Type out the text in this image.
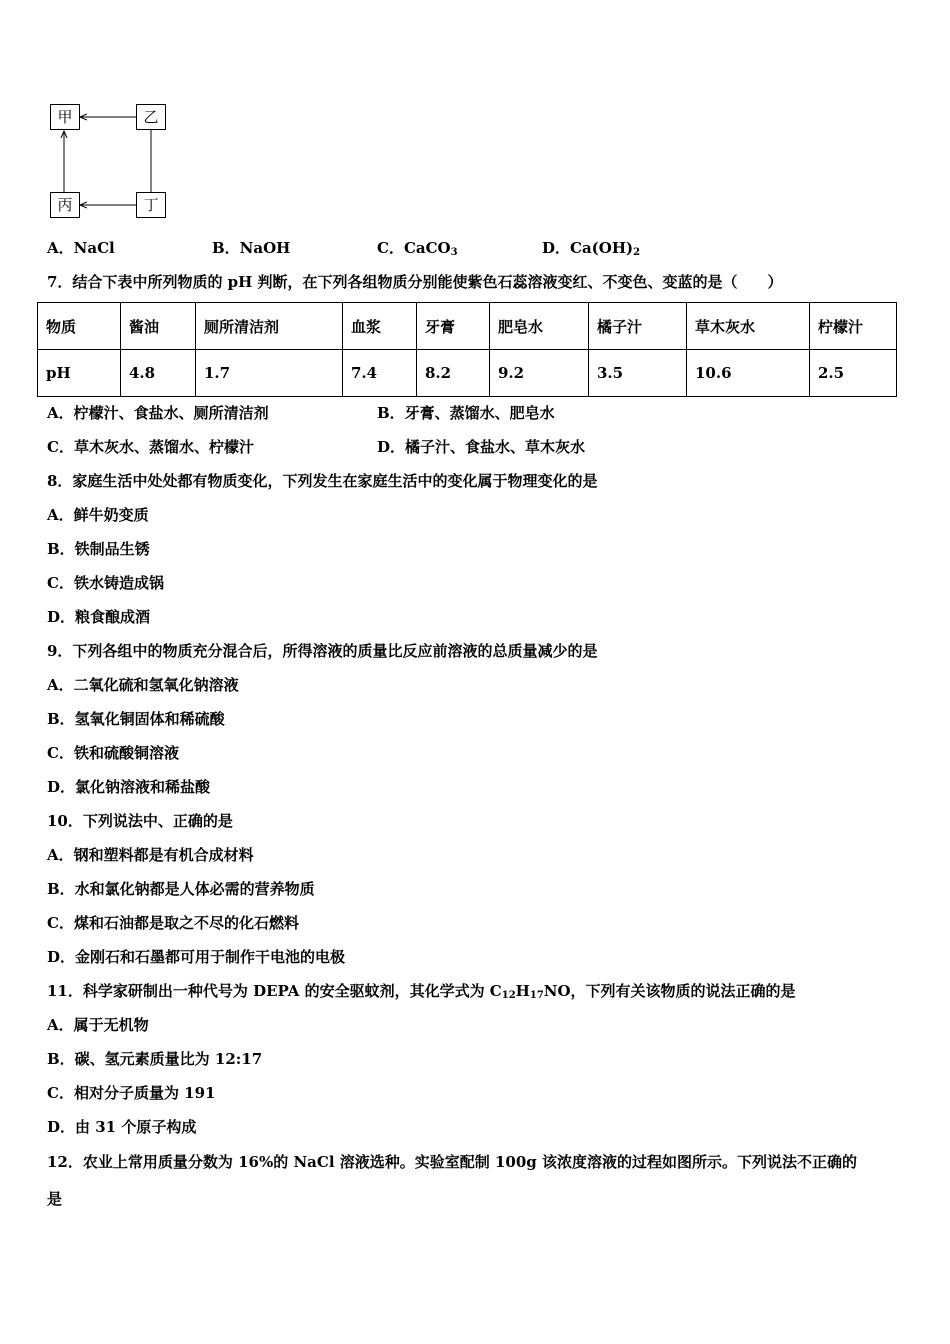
甲	乙
丙	丁
A．NaCl	B．NaOH	C．CaCO$_3$	D．$Ca(OH)_2$
7．结合下表中所列物质的 pH 判断，在下列各组物质分别能使紫色石蕊溶液变红、不变色、变蓝的是（　　）
物质	酱油	厕所清洁剂	血浆	牙膏	肥皂水	橘子汁	草木灰水	柠檬汁
pH	4.8	1.7	7.4	8.2	9.2	3.5	10.6	2.5
A．柠檬汁、食盐水、厕所清洁剂	B．牙膏、蒸馏水、肥皂水
C．草木灰水、蒸馏水、柠檬汁	D．橘子汁、食盐水、草木灰水
8．家庭生活中处处都有物质变化，下列发生在家庭生活中的变化属于物理变化的是
A．鲜牛奶变质
B．铁制品生锈
C．铁水铸造成锅
D．粮食酿成酒
9．下列各组中的物质充分混合后，所得溶液的质量比反应前溶液的总质量减少的是
A．二氧化硫和氢氧化钠溶液
B．氢氧化铜固体和稀硫酸
C．铁和硫酸铜溶液
D．氯化钠溶液和稀盐酸
10．下列说法中、正确的是
A．钢和塑料都是有机合成材料
B．水和氯化钠都是人体必需的营养物质
C．煤和石油都是取之不尽的化石燃料
D．金刚石和石墨都可用于制作干电池的电极
11．科学家研制出一种代号为 DEPA 的安全驱蚊剂，其化学式为 $C_{12}H_{17}NO$，下列有关该物质的说法正确的是
A．属于无机物
B．碳、氢元素质量比为 12:17
C．相对分子质量为 191
D．由 31 个原子构成
12．农业上常用质量分数为 16%的 NaCl 溶液选种。实验室配制 100g 该浓度溶液的过程如图所示。下列说法不正确的
是
